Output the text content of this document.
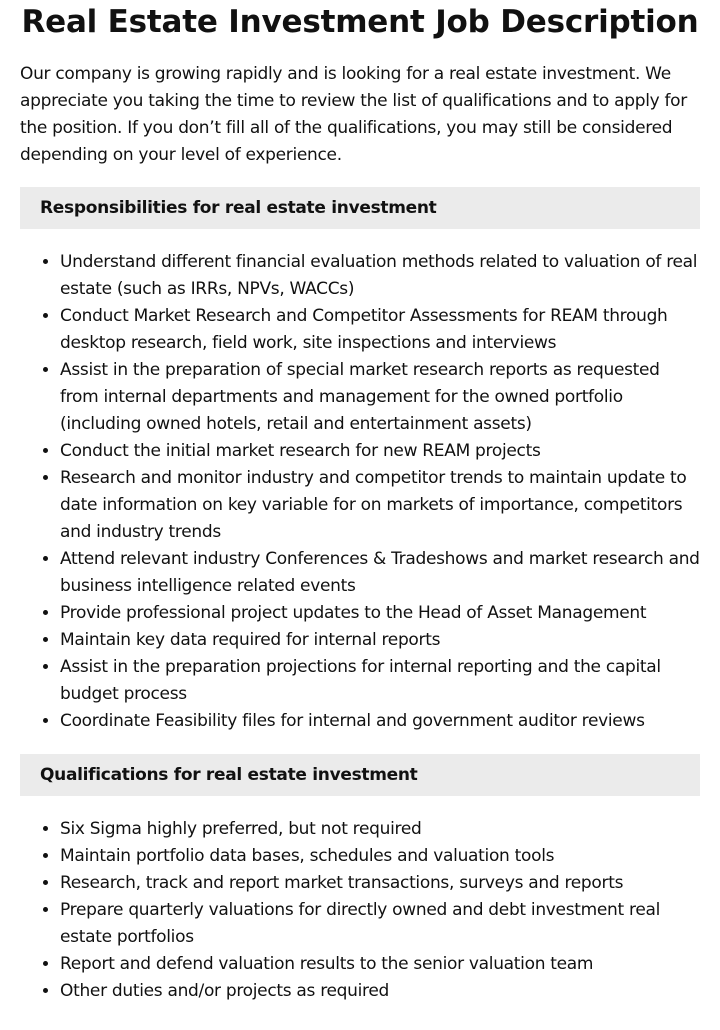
Real Estate Investment Job Description

Our company is growing rapidly and is looking for a real estate investment. We appreciate you taking the time to review the list of qualifications and to apply for the position. If you don’t fill all of the qualifications, you may still be considered depending on your level of experience.

Responsibilities for real estate investment
• Understand different financial evaluation methods related to valuation of real estate (such as IRRs, NPVs, WACCs)
• Conduct Market Research and Competitor Assessments for REAM through desktop research, field work, site inspections and interviews
• Assist in the preparation of special market research reports as requested from internal departments and management for the owned portfolio (including owned hotels, retail and entertainment assets)
• Conduct the initial market research for new REAM projects
• Research and monitor industry and competitor trends to maintain update to date information on key variable for on markets of importance, competitors and industry trends
• Attend relevant industry Conferences & Tradeshows and market research and business intelligence related events
• Provide professional project updates to the Head of Asset Management
• Maintain key data required for internal reports
• Assist in the preparation projections for internal reporting and the capital budget process
• Coordinate Feasibility files for internal and government auditor reviews
Qualifications for real estate investment
• Six Sigma highly preferred, but not required
• Maintain portfolio data bases, schedules and valuation tools
• Research, track and report market transactions, surveys and reports
• Prepare quarterly valuations for directly owned and debt investment real estate portfolios
• Report and defend valuation results to the senior valuation team
• Other duties and/or projects as required
